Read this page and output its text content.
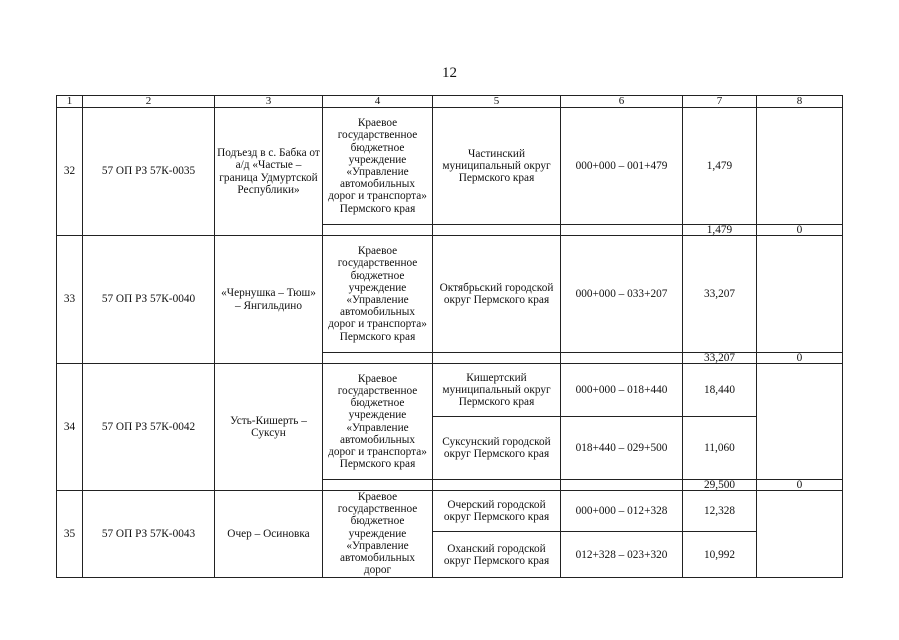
12
1	2	3	4	5	6	7	8
32	57 ОП РЗ 57К-0035	Подъезд в с. Бабка от а/д «Частые – граница Удмуртской Республики»	Краевое государственное бюджетное учреждение «Управление автомобильных дорог и транспорта» Пермского края	Частинский муниципальный округ Пермского края	000+000 – 001+479	1,479	
						1,479	0
33	57 ОП РЗ 57К-0040	«Чернушка – Тюш» – Янгильдино	Краевое государственное бюджетное учреждение «Управление автомобильных дорог и транспорта» Пермского края	Октябрьский городской округ Пермского края	000+000 – 033+207	33,207	
						33,207	0
34	57 ОП РЗ 57К-0042	Усть-Кишерть – Суксун	Краевое государственное бюджетное учреждение «Управление автомобильных дорог и транспорта» Пермского края	Кишертский муниципальный округ Пермского края	000+000 – 018+440	18,440	
				Суксунский городской округ Пермского края	018+440 – 029+500	11,060	
						29,500	0
35	57 ОП РЗ 57К-0043	Очер – Осиновка	Краевое государственное бюджетное учреждение «Управление автомобильных дорог	Очерский городской округ Пермского края	000+000 – 012+328	12,328	
				Оханский городской округ Пермского края	012+328 – 023+320	10,992	
